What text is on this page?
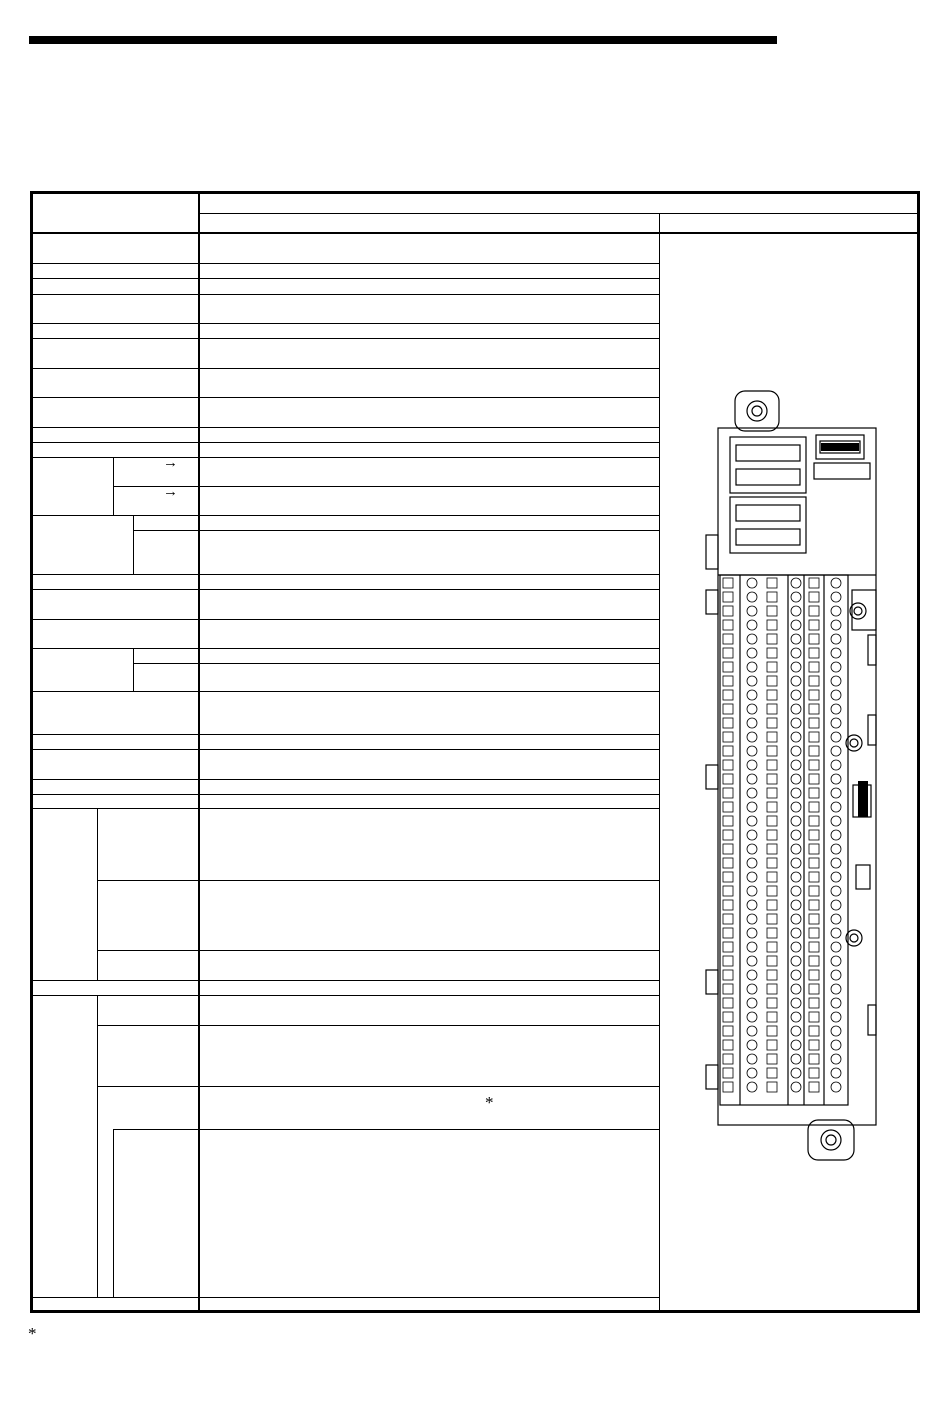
→
→
*
*
